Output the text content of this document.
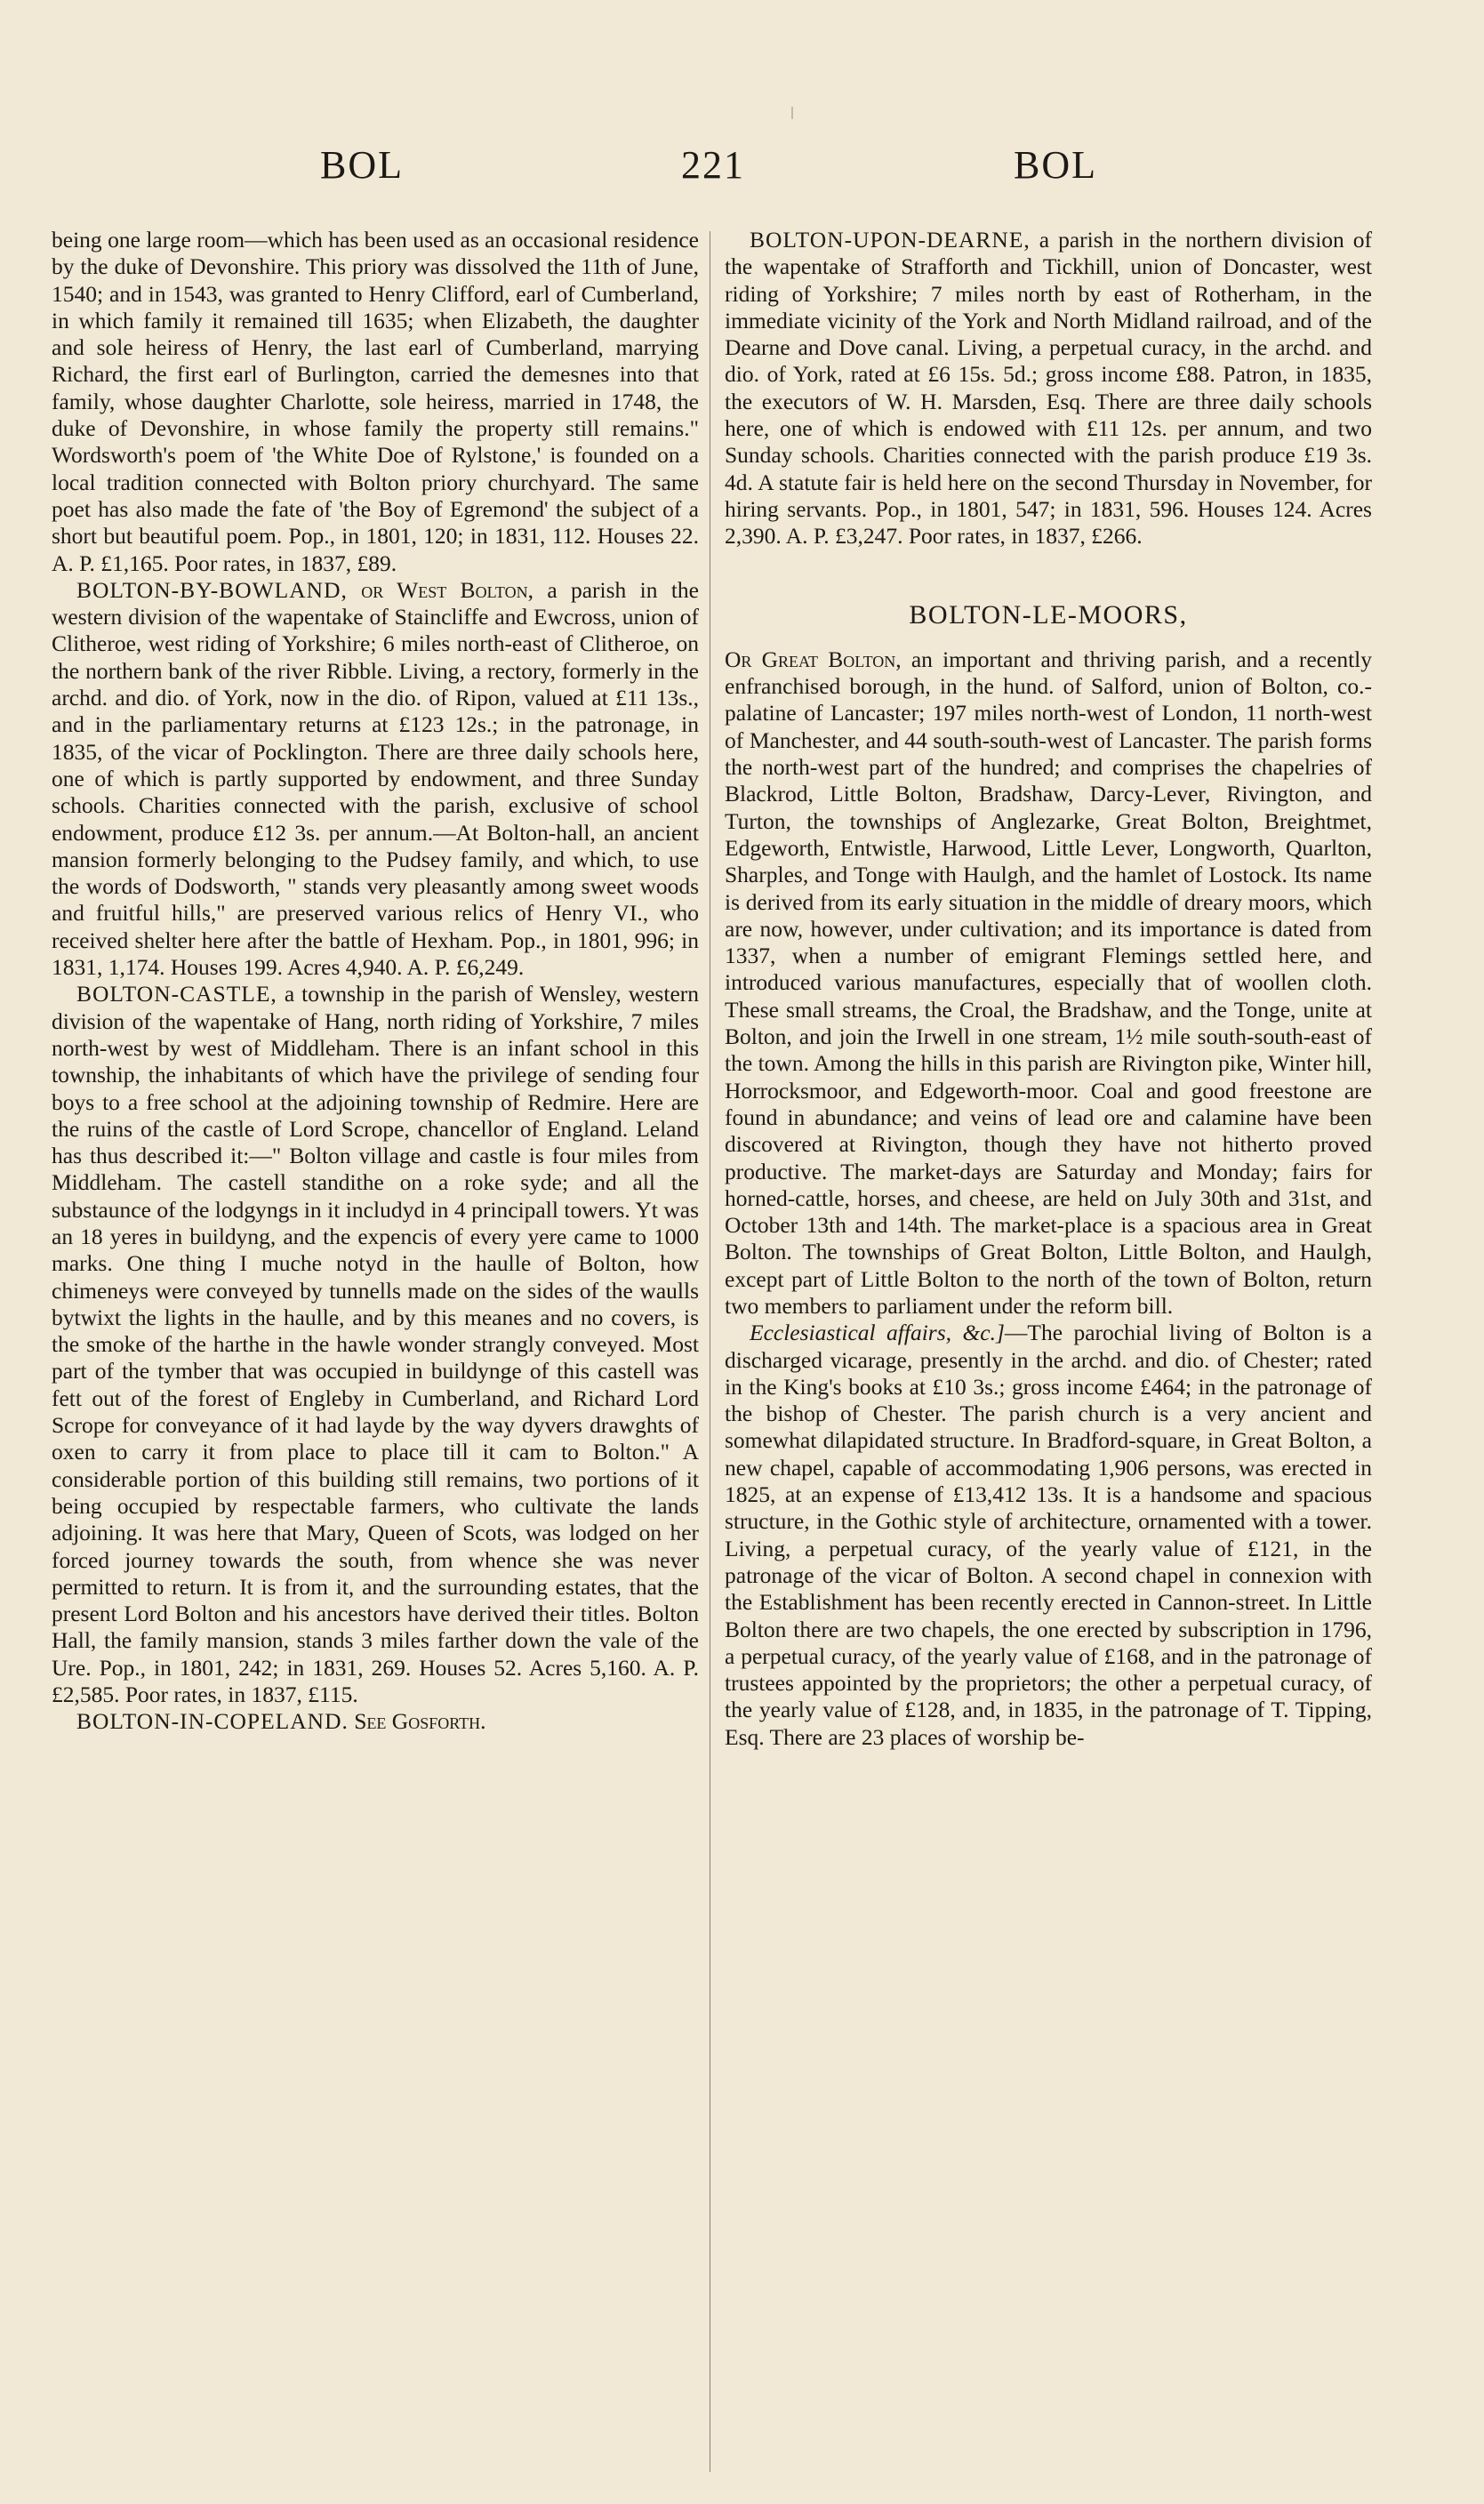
BOL	221	BOL

being one large room—which has been used as an occasional residence by the duke of Devonshire. This priory was dissolved the 11th of June, 1540; and in 1543, was granted to Henry Clifford, earl of Cumberland, in which family it remained till 1635; when Elizabeth, the daughter and sole heiress of Henry, the last earl of Cumberland, marrying Richard, the first earl of Burlington, carried the demesnes into that family, whose daughter Charlotte, sole heiress, married in 1748, the duke of Devonshire, in whose family the property still remains." Wordsworth's poem of 'the White Doe of Rylstone,' is founded on a local tradition connected with Bolton priory churchyard. The same poet has also made the fate of 'the Boy of Egremond' the subject of a short but beautiful poem. Pop., in 1801, 120; in 1831, 112. Houses 22. A. P. £1,165. Poor rates, in 1837, £89.

BOLTON-BY-BOWLAND, or West Bolton, a parish in the western division of the wapentake of Staincliffe and Ewcross, union of Clitheroe, west riding of Yorkshire; 6 miles north-east of Clitheroe, on the northern bank of the river Ribble. Living, a rectory, formerly in the archd. and dio. of York, now in the dio. of Ripon, valued at £11 13s., and in the parliamentary returns at £123 12s.; in the patronage, in 1835, of the vicar of Pocklington. There are three daily schools here, one of which is partly supported by endowment, and three Sunday schools. Charities connected with the parish, exclusive of school endowment, produce £12 3s. per annum.—At Bolton-hall, an ancient mansion formerly belonging to the Pudsey family, and which, to use the words of Dodsworth, " stands very pleasantly among sweet woods and fruitful hills," are preserved various relics of Henry VI., who received shelter here after the battle of Hexham. Pop., in 1801, 996; in 1831, 1,174. Houses 199. Acres 4,940. A. P. £6,249.

BOLTON-CASTLE, a township in the parish of Wensley, western division of the wapentake of Hang, north riding of Yorkshire, 7 miles north-west by west of Middleham. There is an infant school in this township, the inhabitants of which have the privilege of sending four boys to a free school at the adjoining township of Redmire. Here are the ruins of the castle of Lord Scrope, chancellor of England. Leland has thus described it:—" Bolton village and castle is four miles from Middleham. The castell standithe on a roke syde; and all the substaunce of the lodgyngs in it includyd in 4 principall towers. Yt was an 18 yeres in buildyng, and the expencis of every yere came to 1000 marks. One thing I muche notyd in the haulle of Bolton, how chimeneys were conveyed by tunnells made on the sides of the waulls bytwixt the lights in the haulle, and by this meanes and no covers, is the smoke of the harthe in the hawle wonder strangly conveyed. Most part of the tymber that was occupied in buildynge of this castell was fett out of the forest of Engleby in Cumberland, and Richard Lord Scrope for conveyance of it had layde by the way dyvers drawghts of oxen to carry it from place to place till it cam to Bolton." A considerable portion of this building still remains, two portions of it being occupied by respectable farmers, who cultivate the lands adjoining. It was here that Mary, Queen of Scots, was lodged on her forced journey towards the south, from whence she was never permitted to return. It is from it, and the surrounding estates, that the present Lord Bolton and his ancestors have derived their titles. Bolton Hall, the family mansion, stands 3 miles farther down the vale of the Ure. Pop., in 1801, 242; in 1831, 269. Houses 52. Acres 5,160. A. P. £2,585. Poor rates, in 1837, £115.

BOLTON-IN-COPELAND. See Gosforth.

BOLTON-UPON-DEARNE, a parish in the northern division of the wapentake of Strafforth and Tickhill, union of Doncaster, west riding of Yorkshire; 7 miles north by east of Rotherham, in the immediate vicinity of the York and North Midland railroad, and of the Dearne and Dove canal. Living, a perpetual curacy, in the archd. and dio. of York, rated at £6 15s. 5d.; gross income £88. Patron, in 1835, the executors of W. H. Marsden, Esq. There are three daily schools here, one of which is endowed with £11 12s. per annum, and two Sunday schools. Charities connected with the parish produce £19 3s. 4d. A statute fair is held here on the second Thursday in November, for hiring servants. Pop., in 1801, 547; in 1831, 596. Houses 124. Acres 2,390. A. P. £3,247. Poor rates, in 1837, £266.

BOLTON-LE-MOORS,

Or Great Bolton, an important and thriving parish, and a recently enfranchised borough, in the hund. of Salford, union of Bolton, co.-palatine of Lancaster; 197 miles north-west of London, 11 north-west of Manchester, and 44 south-south-west of Lancaster. The parish forms the north-west part of the hundred; and comprises the chapelries of Blackrod, Little Bolton, Bradshaw, Darcy-Lever, Rivington, and Turton, the townships of Anglezarke, Great Bolton, Breightmet, Edgeworth, Entwistle, Harwood, Little Lever, Longworth, Quarlton, Sharples, and Tonge with Haulgh, and the hamlet of Lostock. Its name is derived from its early situation in the middle of dreary moors, which are now, however, under cultivation; and its importance is dated from 1337, when a number of emigrant Flemings settled here, and introduced various manufactures, especially that of woollen cloth. These small streams, the Croal, the Bradshaw, and the Tonge, unite at Bolton, and join the Irwell in one stream, 1½ mile south-south-east of the town. Among the hills in this parish are Rivington pike, Winter hill, Horrocksmoor, and Edgeworth-moor. Coal and good freestone are found in abundance; and veins of lead ore and calamine have been discovered at Rivington, though they have not hitherto proved productive. The market-days are Saturday and Monday; fairs for horned-cattle, horses, and cheese, are held on July 30th and 31st, and October 13th and 14th. The market-place is a spacious area in Great Bolton. The townships of Great Bolton, Little Bolton, and Haulgh, except part of Little Bolton to the north of the town of Bolton, return two members to parliament under the reform bill.

Ecclesiastical affairs, &c.]—The parochial living of Bolton is a discharged vicarage, presently in the archd. and dio. of Chester; rated in the King's books at £10 3s.; gross income £464; in the patronage of the bishop of Chester. The parish church is a very ancient and somewhat dilapidated structure. In Bradford-square, in Great Bolton, a new chapel, capable of accommodating 1,906 persons, was erected in 1825, at an expense of £13,412 13s. It is a handsome and spacious structure, in the Gothic style of architecture, ornamented with a tower. Living, a perpetual curacy, of the yearly value of £121, in the patronage of the vicar of Bolton. A second chapel in connexion with the Establishment has been recently erected in Cannon-street. In Little Bolton there are two chapels, the one erected by subscription in 1796, a perpetual curacy, of the yearly value of £168, and in the patronage of trustees appointed by the proprietors; the other a perpetual curacy, of the yearly value of £128, and, in 1835, in the patronage of T. Tipping, Esq. There are 23 places of worship be-
